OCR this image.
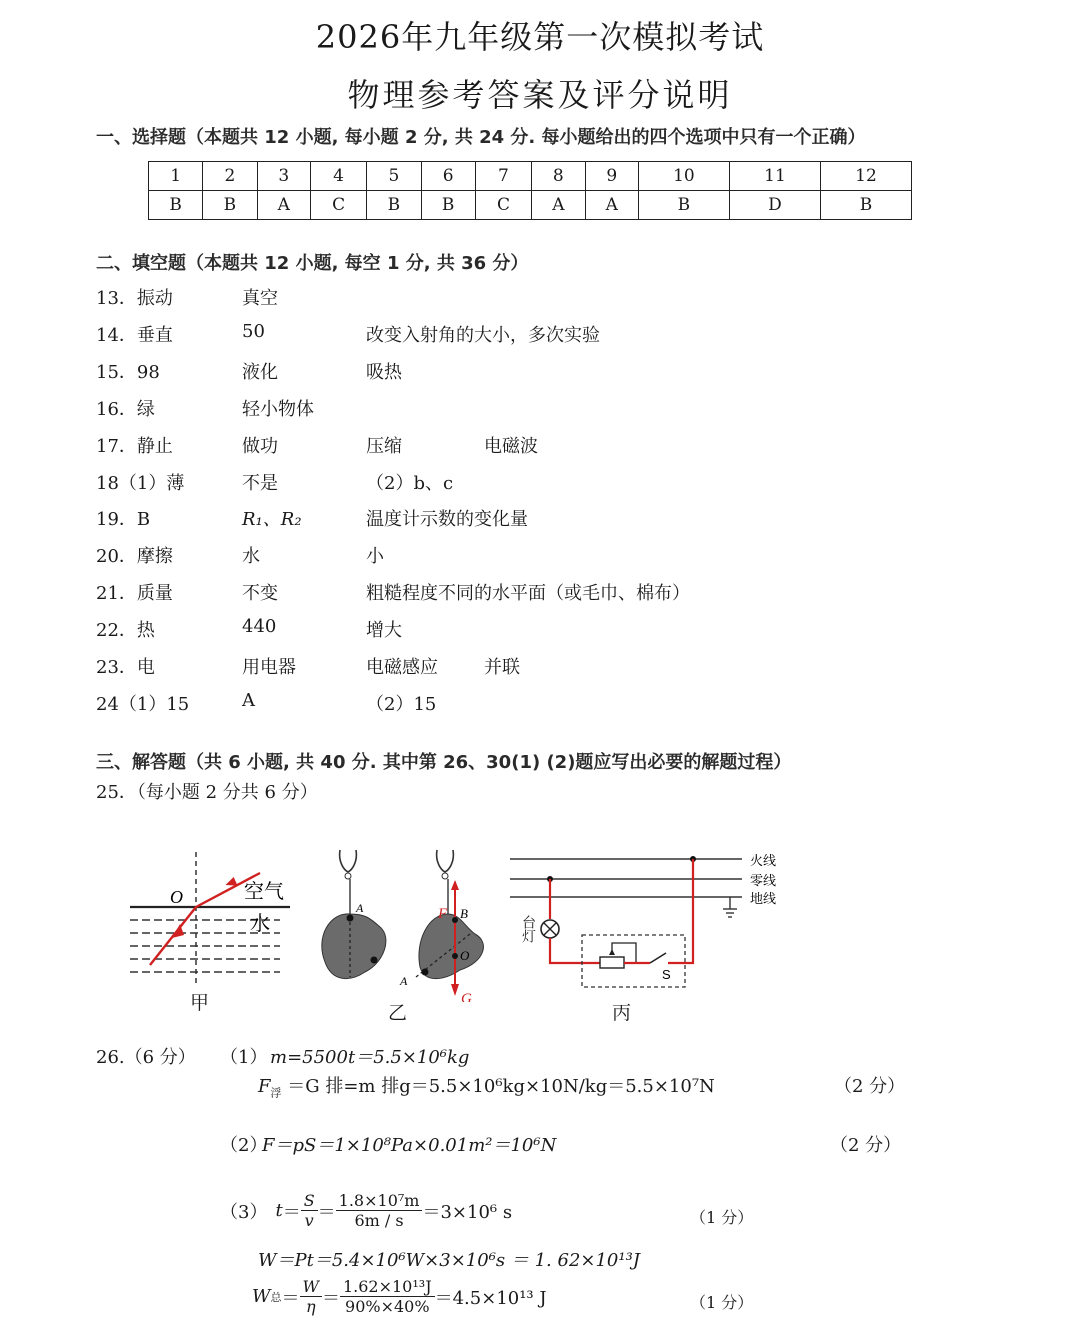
2026年九年级第一次模拟考试
物理参考答案及评分说明
一、选择题（本题共 12 小题, 每小题 2 分, 共 24 分. 每小题给出的四个选项中只有一个正确）
1	2	3	4	5	6	7	8	9	10	11	12
B	B	A	C	B	B	C	A	A	B	D	B
二、填空题（本题共 12 小题, 每空 1 分, 共 36 分）
13．振动	真空
14．垂直	50	改变入射角的大小，多次实验
15．98	液化	吸热
16．绿	轻小物体
17．静止	做功	压缩	电磁波
18（1）薄	不是	（2）b、c
19．B	R₁、R₂	温度计示数的变化量
20．摩擦	水	小
21．质量	不变	粗糙程度不同的水平面（或毛巾、棉布）
22．热	440	增大
23．电	用电器	电磁感应	并联
24（1）15	A	（2）15
三、解答题（共 6 小题, 共 40 分. 其中第 26、30(1) (2)题应写出必要的解题过程）
25．（每小题 2 分共 6 分）
O	空气
水
甲
A	F B
O
A
G
乙
S
火线
零线
地线
台灯
丙
26.（6 分） （1） m=5500t＝5.5×10⁶kg
$F_浮 =G$ 排=m 排g＝5.5×10⁶kg×10N/kg＝5.5×10⁷N	（2 分）
（2）
F＝pS＝1×10⁸Pa×0.01m²＝10⁶N	（2 分）
（3） $t = \frac{S}{v} = \frac{\text{1.8×10⁷m}}{6m / s} =3\times 10^6$ s	（1 分）
W＝Pt＝5.4×10⁶W×3×10⁶s ＝ 1. 62×10¹³J
W 总 ＝ $\frac{W}{\eta} = \frac{\text{1.62×10¹³J}}{90\%\times 40\%} =4.5\times 10^{13}$ J	（1 分）
